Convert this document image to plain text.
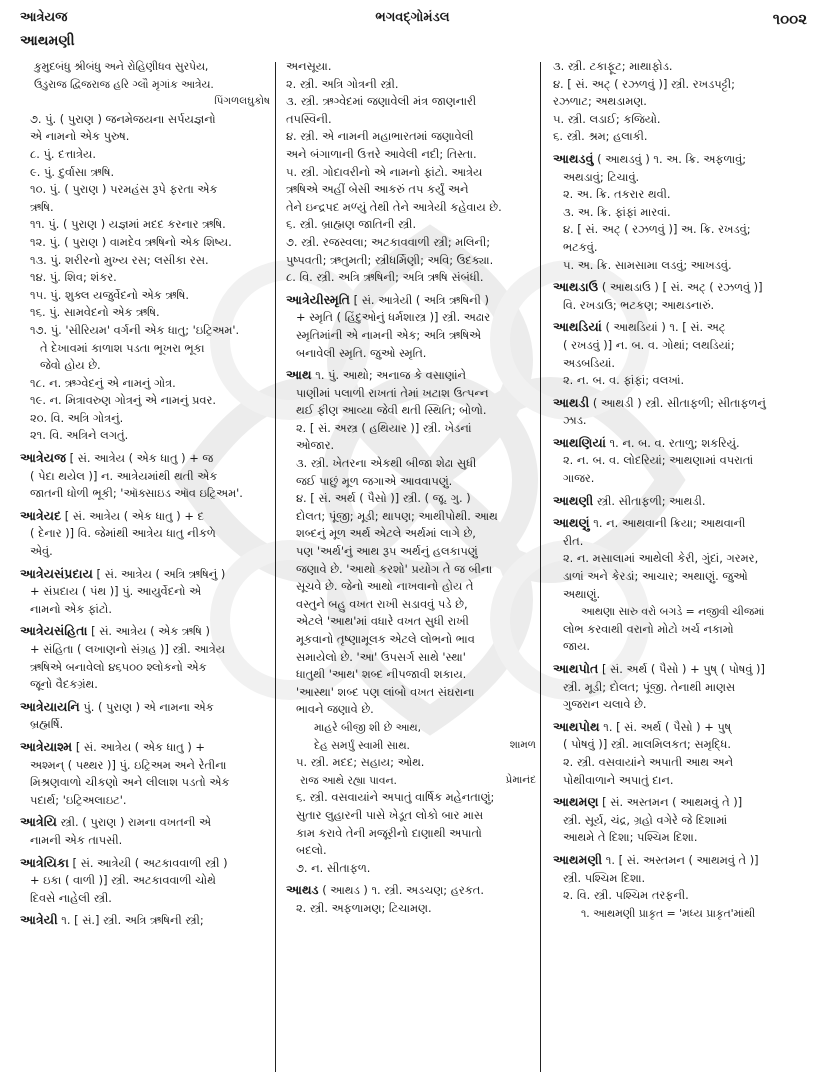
આત્રેયજ
આથમણી
ભગવદ્ગોમંડલ	૧૦૦૨
કુમુદબંધુ શ્રીબંધુ અને રોહિણીધવ સુરપેય,
ઉડુરાજ દ્વિજરાજ હરિ ગ્લૌ મૃગાંક આત્રેય.
પિંગળલઘુકોષ
૭. પું. ( પુરાણ ) જનમેજયના સર્પયજ્ઞનો
એ નામનો એક પુરુષ.
૮. પું. દત્તાત્રેય.
૯. પું. દુર્વાસા ઋષિ.
૧૦. પું. ( પુરાણ ) પરમહંસ રૂપે ફરતા એક
ઋષિ.
૧૧. પું. ( પુરાણ ) યજ્ઞમાં મદદ કરનાર ઋષિ.
૧૨. પું. ( પુરાણ ) વામદેવ ઋષિનો એક શિષ્ય.
૧૩. પું. શરીરનો મુખ્ય રસ; લસીકા રસ.
૧૪. પું. શિવ; શંકર.
૧૫. પું. શુક્લ યજુર્વેદનો એક ઋષિ.
૧૬. પું. સામવેદનો એક ઋષિ.
૧૭. પું. 'સીરિયમ' વર્ગની એક ધાતુ; 'ઇટ્રિઅમ'.
તે દેખાવમાં કાળાશ પડતા ભૂખરા ભૂકા
જેવો હોય છે.
૧૮. ન. ઋગ્વેદનું એ નામનું ગોત્ર.
૧૯. ન. મિત્રાવરુણ ગોત્રનું એ નામનું પ્રવર.
૨૦. વિ. અત્રિ ગોત્રનું.
૨૧. વિ. અત્રિને લગતું.
આત્રેયજ [ સં. આત્રેય ( એક ધાતુ ) + જ
( પેદા થયેલ )] ન. આત્રેયમાંથી થતી એક
જાતની ધોળી ભૂકી; 'ઑક્સાઇડ ઑવ ઇટ્રિઅમ'.
આત્રેયદ [ સં. આત્રેય ( એક ધાતુ ) + દ
( દેનાર )] વિ. જેમાંથી આત્રેય ધાતુ નીકળે
એવું.
આત્રેયસંપ્રદાય [ સં. આત્રેય ( અત્રિ ઋષિનું )
+ સંપ્રદાય ( પંથ )] પું. આયુર્વેદનો એ
નામનો એક ફાંટો.
આત્રેયસંહિતા [ સં. આત્રેય ( એક ઋષિ )
+ સંહિતા ( લખાણનો સંગ્રહ )] સ્ત્રી. આત્રેય
ઋષિએ બનાવેલો ૪૬૫૦૦ શ્લોકનો એક
જૂનો વૈદકગ્રંથ.
આત્રેયાયનિ પું. ( પુરાણ ) એ નામના એક
બ્રહ્મર્ષિ.
આત્રેયાશ્મ [ સં. આત્રેય ( એક ધાતુ ) +
અશ્મન્ ( પથ્થર )] પું. ઇટ્રિઅમ અને રેતીના
મિશ્રણવાળો ચીકણો અને લીલાશ પડતો એક
પદાર્થ; 'ઇટ્રિઅલાઇટ'.
આત્રેયિ સ્ત્રી. ( પુરાણ ) રામના વખતની એ
નામની એક તાપસી.
આત્રેયિકા [ સં. આત્રેયી ( અટકાવવાળી સ્ત્રી )
+ ઇકા ( વાળી )] સ્ત્રી. અટકાવવાળી ચોથે
દિવસે નાહેલી સ્ત્રી.
આત્રેયી ૧. [ સં.] સ્ત્રી. અત્રિ ઋષિની સ્ત્રી;
અનસૂયા.
૨. સ્ત્રી. અત્રિ ગોત્રની સ્ત્રી.
૩. સ્ત્રી. ઋગ્વેદમાં જણાવેલી મંત્ર જાણનારી
તપસ્વિની.
૪. સ્ત્રી. એ નામની મહાભારતમાં જણાવેલી
અને બંગાળાની ઉત્તરે આવેલી નદી; તિસ્તા.
૫. સ્ત્રી. ગોદાવરીનો એ નામનો ફાંટો. આત્રેય
ઋષિએ અહીં બેસી આકરું તપ કર્યું અને
તેને ઇન્દ્રપદ મળ્યું તેથી તેને આત્રેયી કહેવાય છે.
૬. સ્ત્રી. બ્રાહ્મણ જાતિની સ્ત્રી.
૭. સ્ત્રી. રજસ્વલા; અટકાવવાળી સ્ત્રી; મલિની;
પુષ્પવતી; ઋતુમતી; સ્ત્રીધર્મિણી; અવિ; ઉદક્યા.
૮. વિ. સ્ત્રી. અત્રિ ઋષિની; અત્રિ ઋષિ સંબંધી.
આત્રેયીસ્મૃતિ [ સં. આત્રેયી ( અત્રિ ઋષિની )
+ સ્મૃતિ ( હિંદુઓનું ધર્મશાસ્ત્ર )] સ્ત્રી. અઢાર
સ્મૃતિમાંની એ નામની એક; અત્રિ ઋષિએ
બનાવેલી સ્મૃતિ. જુઓ સ્મૃતિ.
આથ ૧. પું. આથો; અનાજ કે વસાણાંને
પાણીમાં પલાળી રાખતાં તેમાં ખટાશ ઉત્પન્ન
થઈ ફીણ આવ્યા જેવી થતી સ્થિતિ; બોળો.
૨. [ સં. અસ્ત્ર ( હથિયાર )] સ્ત્રી. ખેડનાં
ઓજાર.
૩. સ્ત્રી. ખેતરના એકથી બીજા શેઢા સુધી
જઈ પાછું મૂળ જગાએ આવવાપણું.
૪. [ સં. અર્થ ( પૈસો )] સ્ત્રી. ( જૂ. ગુ. )
દોલત; પૂંજી; મૂડી; થાપણ; આથીપોથી. આથ
શબ્દનું મૂળ અર્થ એટલે અર્થમાં લાગે છે,
પણ 'અર્થ'નું આથ રૂપ અર્થનું હલકાપણું
જણાવે છે. 'આથો કરશો' પ્રયોગ તે જ બીના
સૂચવે છે. જેનો આથો નાખવાનો હોય તે
વસ્તુને બહુ વખત રાખી સડાવવું પડે છે,
એટલે 'આથ'માં વધારે વખત સુધી રાખી
મૂકવાનો તૃષ્ણામૂલક એટલે લોભનો ભાવ
સમાયેલો છે. 'આ' ઉપસર્ગ સાથે 'સ્થા'
ધાતુથી 'આથ' શબ્દ નીપજાવી શકાય.
'આસ્થા' શબ્દ પણ લાંબો વખત સંઘરાના
ભાવને જણાવે છે.
માહરે બીજી શી છે આથ,
દેહ સમર્પું સ્વામી સાથ.	શામળ
૫. સ્ત્રી. મદદ; સહાય; ઓથ.
રાજ આથે રહ્યા પાવન.	પ્રેમાનંદ
૬. સ્ત્રી. વસવાયાંને અપાતું વાર્ષિક મહેનતાણું;
સુતાર લુહારની પાસે ખેડૂત લોકો બાર માસ
કામ કરાવે તેની મજૂરીનો દાણાથી અપાતો
બદલો.
૭. ન. સીતાફળ.
આથડ ( આથડ ) ૧. સ્ત્રી. અડચણ; હરકત.
૨. સ્ત્રી. અફળામણ; ટિચામણ.
૩. સ્ત્રી. ટકાફૂટ; માથાફોડ.
૪. [ સં. અટ્ ( રઝળવું )] સ્ત્રી. રખડપટ્ટી;
રઝળાટ; અથડામણ.
૫. સ્ત્રી. લડાઈ; કજિયો.
૬. સ્ત્રી. શ્રમ; હલાકી.
આથડવું ( આથડવું ) ૧. અ. ક્રિ. અફળાવું;
અથડાવું; ટિચાવું.
૨. અ. ક્રિ. તકરાર થવી.
૩. અ. ક્રિ. ફાંફાં મારવાં.
૪. [ સં. અટ્ ( રઝળવું )] અ. ક્રિ. રખડવું;
ભટકવું.
૫. અ. ક્રિ. સામસામા લડવું; આખડવું.
આથડાઉ ( આથડાઉ ) [ સં. અટ્ ( રઝળવું )]
વિ. રખડાઉ; ભટકણ; આથડનારું.
આથડિયાં ( આથડિયાં ) ૧. [ સં. અટ્
( રખડવું )] ન. બ. વ. ગોથાં; લથડિયાં;
અડબડિયાં.
૨. ન. બ. વ. ફાંફાં; વલખાં.
આથડી ( આથડી ) સ્ત્રી. સીતાફળી; સીતાફળનું
ઝાડ.
આથણિયાં ૧. ન. બ. વ. રતાળુ; શકરિયું.
૨. ન. બ. વ. લોદરિયાં; આથણામાં વપરાતાં
ગાજર.
આથણી સ્ત્રી. સીતાફળી; આથડી.
આથણું ૧. ન. આથવાની ક્રિયા; આથવાની
રીત.
૨. ન. મસાલામાં આથેલી કેરી, ગુંદાં, ગરમર,
ડાળાં અને કેરડાં; આચાર; અથાણું. જુઓ
અથાણું.
આથણા સારુ વરો બગડે = નજીવી ચીજમાં
લોભ કરવાથી વરાનો મોટો ખર્ચ નકામો
જાય.
આથપોત [ સં. અર્થ ( પૈસો ) + પુષ્ ( પોષવું )]
સ્ત્રી. મૂડી; દોલત; પૂંજી. તેનાથી માણસ
ગુજરાન ચલાવે છે.
આથપોથ ૧. [ સં. અર્થ ( પૈસો ) + પુષ્
( પોષવું )] સ્ત્રી. માલમિલકત; સમૃદ્ધિ.
૨. સ્ત્રી. વસવાયાંને અપાતી આથ અને
પોથીવાળાને અપાતું દાન.
આથમણ [ સં. અસ્તમન ( આથમવું તે )]
સ્ત્રી. સૂર્ય, ચંદ્ર, ગ્રહો વગેરે જે દિશામાં
આથમે તે દિશા; પશ્ચિમ દિશા.
આથમણી ૧. [ સં. અસ્તમન ( આથમવું તે )]
સ્ત્રી. પશ્ચિમ દિશા.
૨. વિ. સ્ત્રી. પશ્ચિમ તરફની.
૧. આથમણી પ્રાકૃત = 'મધ્ય પ્રાકૃત'માંથી
